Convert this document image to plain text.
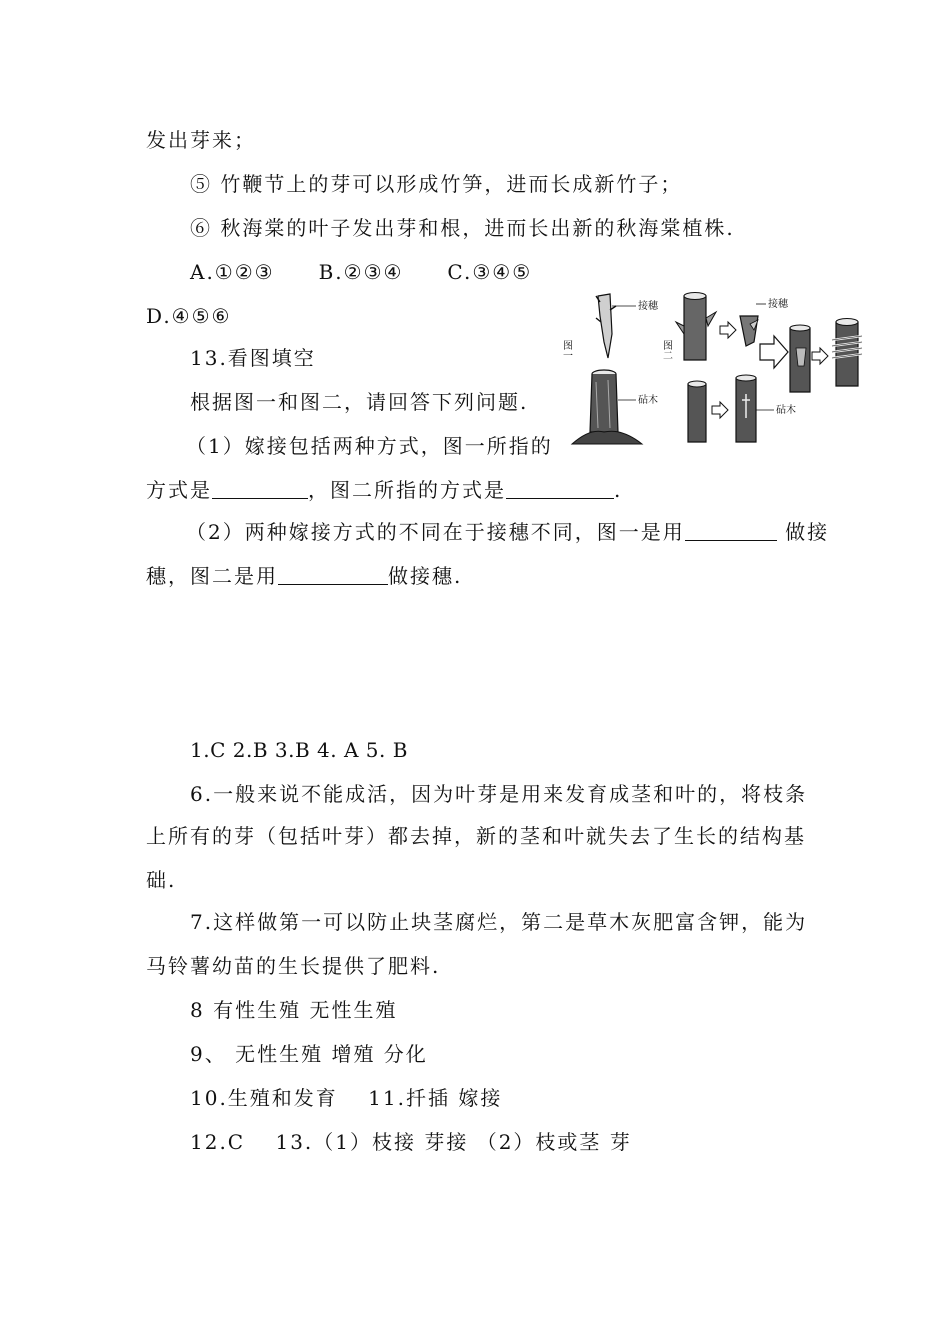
发出芽来；
⑤ 竹鞭节上的芽可以形成竹笋，进而长成新竹子；
⑥ 秋海棠的叶子发出芽和根，进而长出新的秋海棠植株.
A.①②③　　B.②③④　　C.③④⑤
D.④⑤⑥
13.看图填空
根据图一和图二，请回答下列问题.
（1）嫁接包括两种方式，图一所指的
方式是	，图二所指的方式是	.
（2）两种嫁接方式的不同在于接穗不同，图一是用	做接
穗，图二是用	做接穗.
图一
接穗
砧木
图二
接穗
砧木
1.C 2.B 3.B 4. A 5. B
6.一般来说不能成活，因为叶芽是用来发育成茎和叶的，将枝条
上所有的芽（包括叶芽）都去掉，新的茎和叶就失去了生长的结构基
础.
7.这样做第一可以防止块茎腐烂，第二是草木灰肥富含钾，能为
马铃薯幼苗的生长提供了肥料.
8 有性生殖 无性生殖
9、 无性生殖 增殖 分化
10.生殖和发育　 11.扦插 嫁接
12.C　 13.（1）枝接 芽接 （2）枝或茎 芽
